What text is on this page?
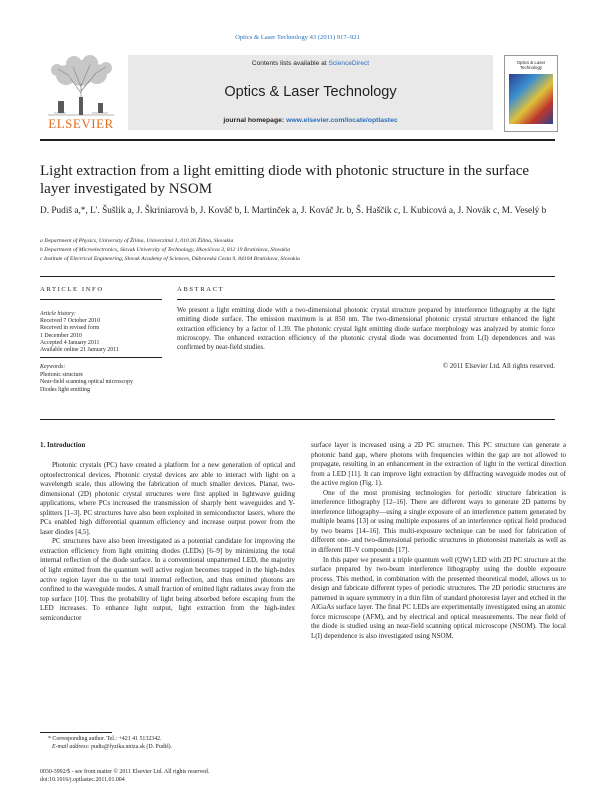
Optics & Laser Technology 43 (2011) 917–921
ELSEVIER
Contents lists available at ScienceDirect
Optics & Laser Technology
journal homepage: www.elsevier.com/locate/optlastec
Optics & Laser Technology
Light extraction from a light emitting diode with photonic structure in the surface layer investigated by NSOM
D. Pudiš a,*, L'. Šušlik a, J. Škriniarová b, J. Kováč b, I. Martinček a, J. Kováč Jr. b, Š. Haščík c, I. Kubicová a, J. Novák c, M. Veselý b
a Department of Physics, University of Žilina, Univerzitná 1, 010 26 Žilina, Slovakia
b Department of Microelectronics, Slovak University of Technology, Ilkovičova 3, 812 19 Bratislava, Slovakia
c Institute of Electrical Engineering, Slovak Academy of Sciences, Dúbravská Cesta 9, 84104 Bratislava, Slovakia
ARTICLE INFO
Article history:
Received 7 October 2010
Received in revised form
1 December 2010
Accepted 4 January 2011
Available online 21 January 2011
Keywords:
Photonic structure
Near-field scanning optical microscopy
Diodes light emitting
ABSTRACT
We present a light emitting diode with a two-dimensional photonic crystal structure prepared by interference lithography at the light emitting diode surface. The emission maximum is at 850 nm. The two-dimensional photonic crystal structure enhanced the light extraction efficiency by a factor of 1.39. The photonic crystal light emitting diode surface morphology was analyzed by atomic force microscopy. The enhanced extraction efficiency of the photonic crystal diode was documented from L(I) dependences and was confirmed by near-field studies.
© 2011 Elsevier Ltd. All rights reserved.
1. Introduction

Photonic crystals (PC) have created a platform for a new generation of optical and optoelectronical devices. Photonic crystal devices are able to interact with light on a wavelength scale, thus allowing the fabrication of much smaller devices. Planar, two-dimensional (2D) photonic crystal structures were first applied in lightwave guiding applications, where PCs increased the transmission of sharply bent waveguides and Y-splitters [1–3]. PC structures have also been exploited in semiconductor lasers, where the PCs enabled high differential quantum efficiency and increase output power from the laser diodes [4,5].

PC structures have also been investigated as a potential candidate for improving the extraction efficiency from light emitting diodes (LEDs) [6–9] by minimizing the total internal reflection of the diode surface. In a conventional unpatterned LED, the majority of light emitted from the quantum well active region becomes trapped in the high-index active region layer due to the total internal reflection, and thus emitted photons are confined to the waveguide modes. A small fraction of emitted light radiates away from the top surface [10]. Thus the probability of light being absorbed before escaping from the LED increases. To enhance light output, light extraction from the high-index semiconductor

surface layer is increased using a 2D PC structure. This PC structure can generate a photonic band gap, where photons with frequencies within the gap are not allowed to propagate, resulting in an enhancement in the extraction of light in the vertical direction from a LED [11]. It can improve light extraction by diffracting waveguide modes out of the active region (Fig. 1).

One of the most promising technologies for periodic structure fabrication is interference lithography [12–16]. There are different ways to generate 2D patterns by interference lithography—using a single exposure of an interference pattern generated by multiple beams [13] or using multiple exposures of an interference optical field produced by two beams [14–16]. This multi-exposure technique can be used for fabrication of different one- and two-dimensional periodic structures in photoresist materials as well as in different III–V compounds [17].

In this paper we present a triple quantum well (QW) LED with 2D PC structure at the surface prepared by two-beam interference lithography using the double exposure process. This method, in combination with the presented theoretical model, allows us to design and fabricate different types of periodic structures. The 2D periodic structures are patterned in square symmetry in a thin film of standard photoresist layer and etched in the AlGaAs surface layer. The final PC LEDs are experimentally investigated using an atomic force microscope (AFM), and by electrical and optical measurements. The near field of the diode is studied using an near-field scanning optical microscope (NSOM). The local L(I) dependence is also investigated using NSOM.

* Corresponding author. Tel.: +421 41 5132342.
E-mail address: pudis@fyzika.uniza.sk (D. Pudiš).
0030-3992/$ - see front matter © 2011 Elsevier Ltd. All rights reserved.
doi:10.1016/j.optlastec.2011.01.004
